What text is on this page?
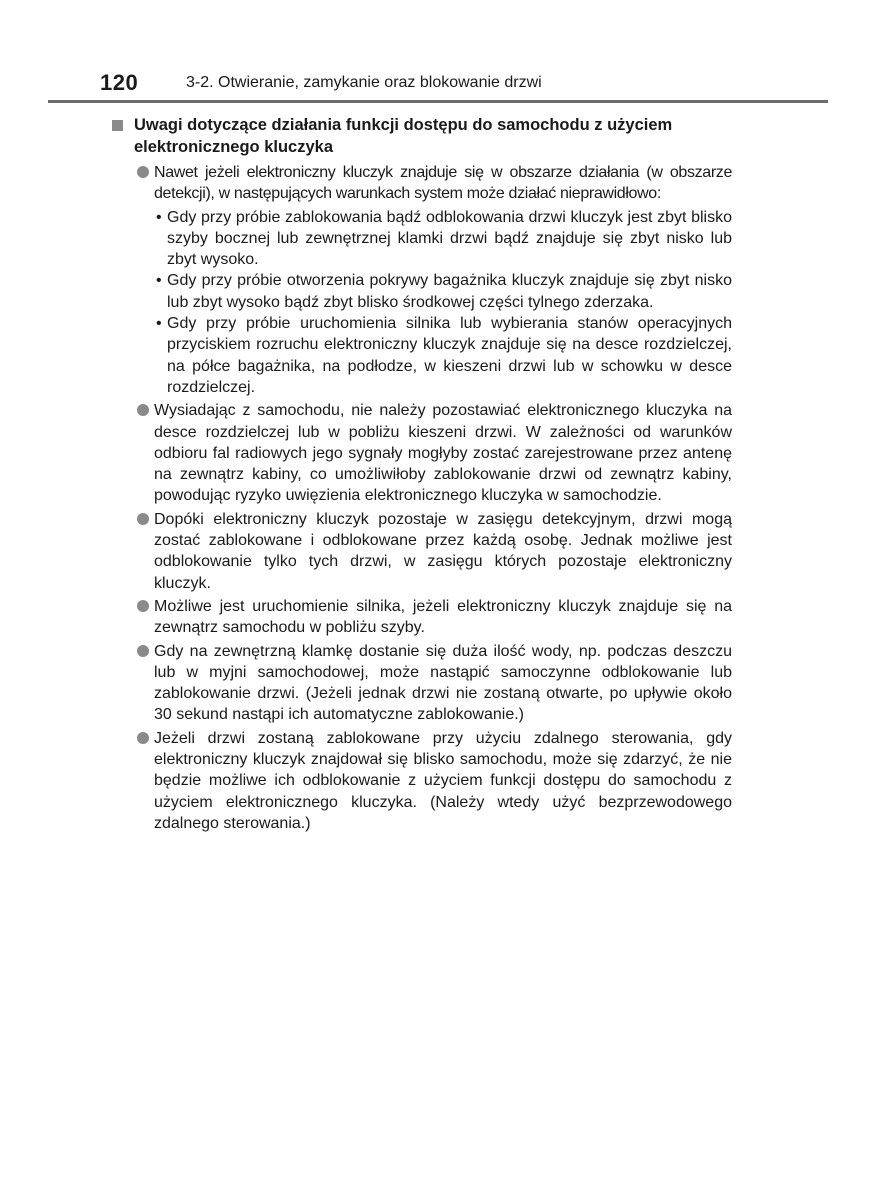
120	3-2. Otwieranie, zamykanie oraz blokowanie drzwi
Uwagi dotyczące działania funkcji dostępu do samochodu z użyciem elektronicznego kluczyka
Nawet jeżeli elektroniczny kluczyk znajduje się w obszarze działania (w obszarze detekcji), w następujących warunkach system może działać nieprawidłowo:
• Gdy przy próbie zablokowania bądź odblokowania drzwi kluczyk jest zbyt blisko szyby bocznej lub zewnętrznej klamki drzwi bądź znajduje się zbyt nisko lub zbyt wysoko.
• Gdy przy próbie otworzenia pokrywy bagażnika kluczyk znajduje się zbyt nisko lub zbyt wysoko bądź zbyt blisko środkowej części tylnego zderzaka.
• Gdy przy próbie uruchomienia silnika lub wybierania stanów operacyjnych przyciskiem rozruchu elektroniczny kluczyk znajduje się na desce rozdzielczej, na półce bagażnika, na podłodze, w kieszeni drzwi lub w schowku w desce rozdzielczej.
Wysiadając z samochodu, nie należy pozostawiać elektronicznego kluczyka na desce rozdzielczej lub w pobliżu kieszeni drzwi. W zależności od warunków odbioru fal radiowych jego sygnały mogłyby zostać zarejestrowane przez antenę na zewnątrz kabiny, co umożliwiłoby zablokowanie drzwi od zewnątrz kabiny, powodując ryzyko uwięzienia elektronicznego kluczyka w samochodzie.
Dopóki elektroniczny kluczyk pozostaje w zasięgu detekcyjnym, drzwi mogą zostać zablokowane i odblokowane przez każdą osobę. Jednak możliwe jest odblokowanie tylko tych drzwi, w zasięgu których pozostaje elektroniczny kluczyk.
Możliwe jest uruchomienie silnika, jeżeli elektroniczny kluczyk znajduje się na zewnątrz samochodu w pobliżu szyby.
Gdy na zewnętrzną klamkę dostanie się duża ilość wody, np. podczas deszczu lub w myjni samochodowej, może nastąpić samoczynne odblokowanie lub zablokowanie drzwi. (Jeżeli jednak drzwi nie zostaną otwarte, po upływie około 30 sekund nastąpi ich automatyczne zablokowanie.)
Jeżeli drzwi zostaną zablokowane przy użyciu zdalnego sterowania, gdy elektroniczny kluczyk znajdował się blisko samochodu, może się zdarzyć, że nie będzie możliwe ich odblokowanie z użyciem funkcji dostępu do samochodu z użyciem elektronicznego kluczyka. (Należy wtedy użyć bezprzewodowego zdalnego sterowania.)
